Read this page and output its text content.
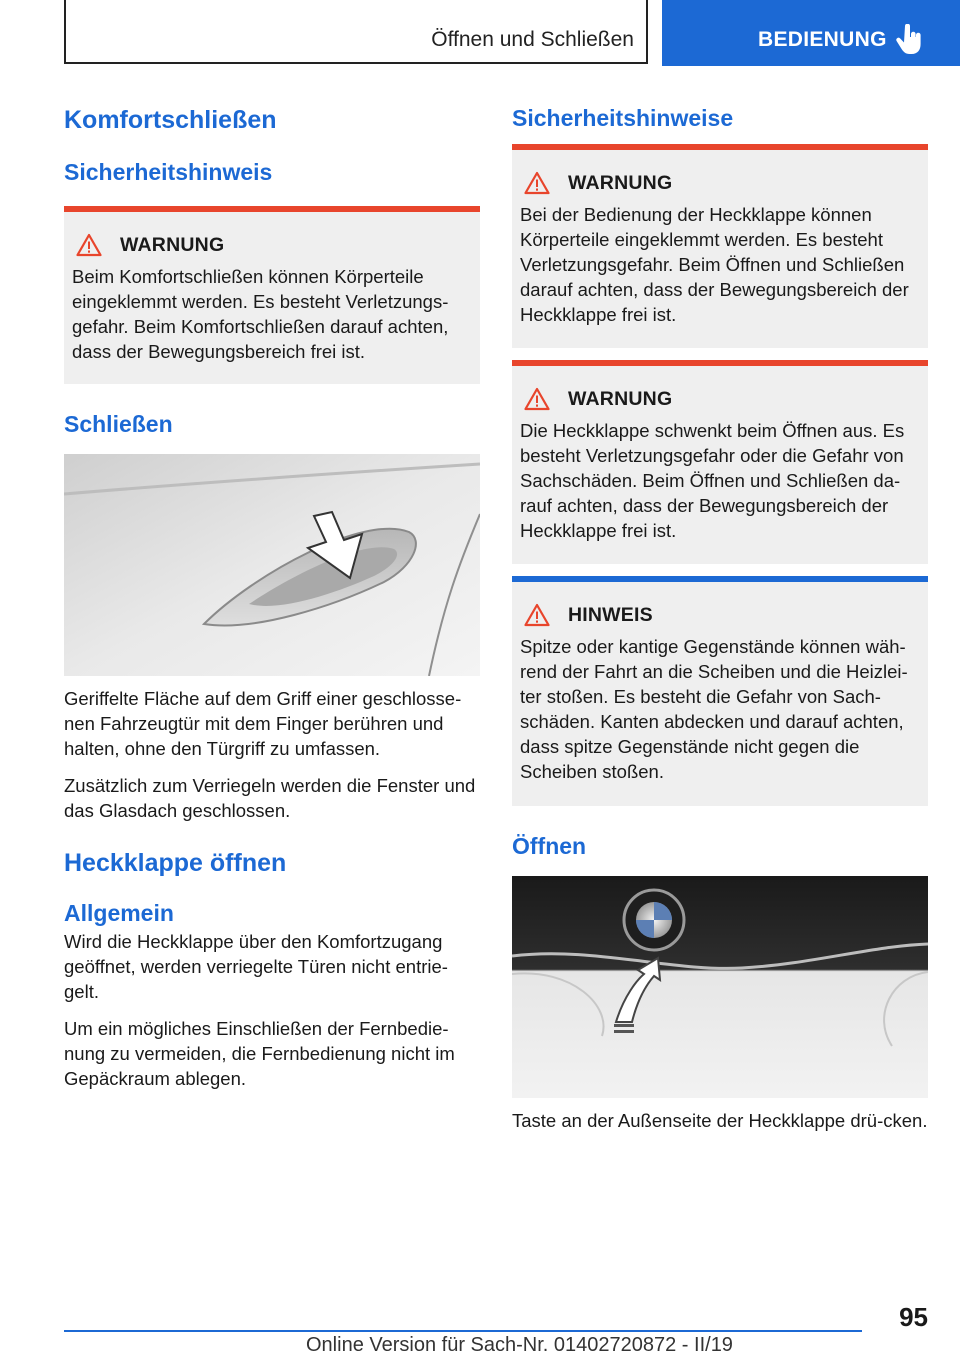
Öffnen und Schließen	BEDIENUNG
Komfortschließen
Sicherheitshinweis
WARNUNG

Beim Komfortschließen können Körperteile eingeklemmt werden. Es besteht Verletzungs-gefahr. Beim Komfortschließen darauf achten, dass der Bewegungsbereich frei ist.

Schließen

Geriffelte Fläche auf dem Griff einer geschlosse-nen Fahrzeugtür mit dem Finger berühren und halten, ohne den Türgriff zu umfassen.

Zusätzlich zum Verriegeln werden die Fenster und das Glasdach geschlossen.

Heckklappe öffnen
Allgemein

Wird die Heckklappe über den Komfortzugang geöffnet, werden verriegelte Türen nicht entrie-gelt.

Um ein mögliches Einschließen der Fernbedie-nung zu vermeiden, die Fernbedienung nicht im Gepäckraum ablegen.

Sicherheitshinweise
WARNUNG

Bei der Bedienung der Heckklappe können Körperteile eingeklemmt werden. Es besteht Verletzungsgefahr. Beim Öffnen und Schließen darauf achten, dass der Bewegungsbereich der Heckklappe frei ist.

WARNUNG

Die Heckklappe schwenkt beim Öffnen aus. Es besteht Verletzungsgefahr oder die Gefahr von Sachschäden. Beim Öffnen und Schließen da-rauf achten, dass der Bewegungsbereich der Heckklappe frei ist.

HINWEIS

Spitze oder kantige Gegenstände können wäh-rend der Fahrt an die Scheiben und die Heizlei-ter stoßen. Es besteht die Gefahr von Sach-schäden. Kanten abdecken und darauf achten, dass spitze Gegenstände nicht gegen die Scheiben stoßen.

Öffnen

Taste an der Außenseite der Heckklappe drü-cken.

95
Online Version für Sach-Nr. 01402720872 - II/19
